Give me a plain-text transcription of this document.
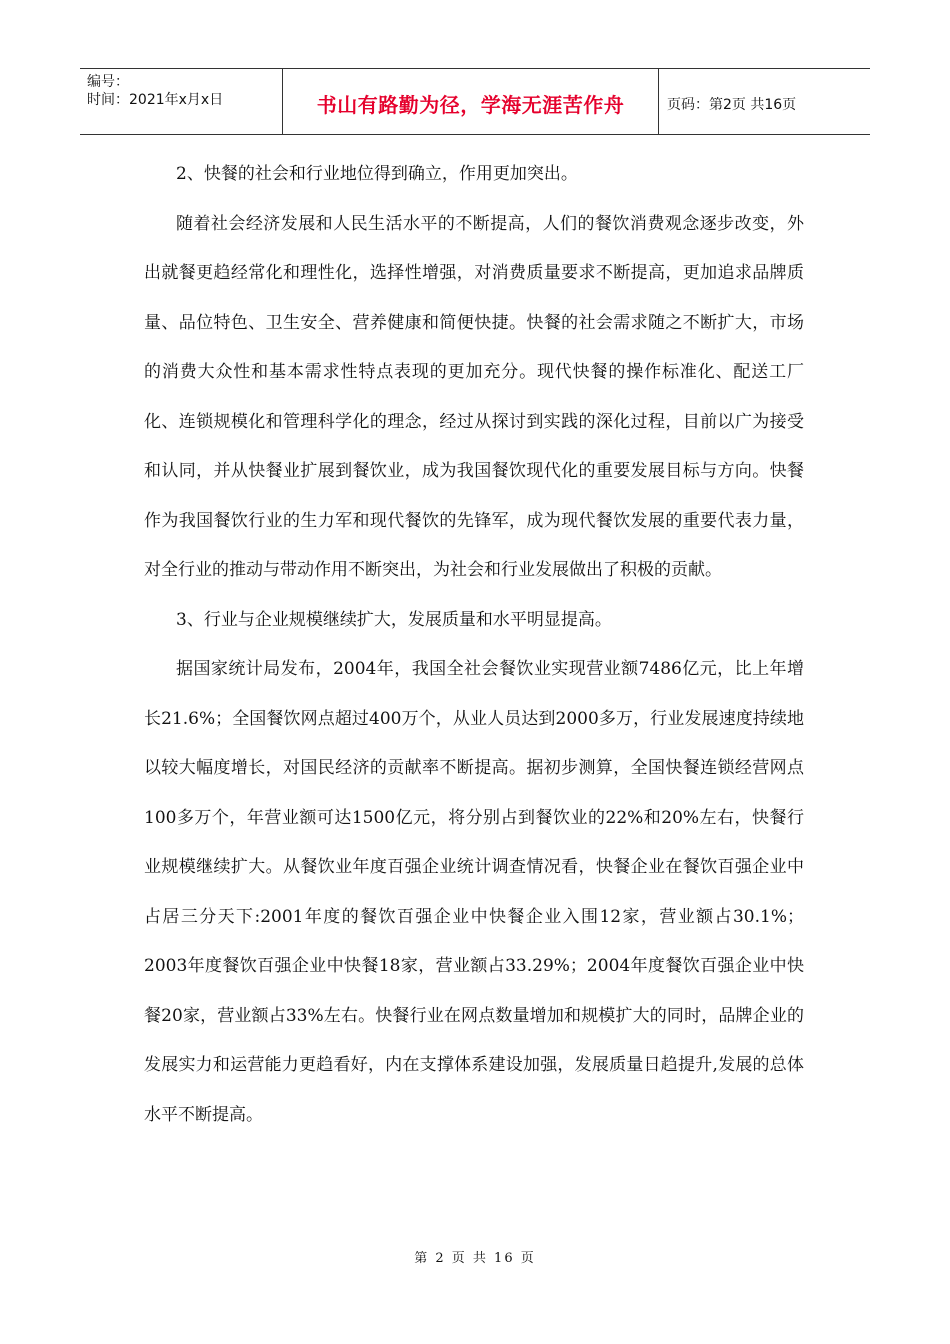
编号：
时间：2021年x月x日	书山有路勤为径，学海无涯苦作舟	页码：第2页 共16页

2、快餐的社会和行业地位得到确立，作用更加突出。

随着社会经济发展和人民生活水平的不断提高，人们的餐饮消费观念逐步改变，外出就餐更趋经常化和理性化，选择性增强，对消费质量要求不断提高，更加追求品牌质量、品位特色、卫生安全、营养健康和简便快捷。快餐的社会需求随之不断扩大，市场的消费大众性和基本需求性特点表现的更加充分。现代快餐的操作标准化、配送工厂化、连锁规模化和管理科学化的理念，经过从探讨到实践的深化过程，目前以广为接受和认同，并从快餐业扩展到餐饮业，成为我国餐饮现代化的重要发展目标与方向。快餐作为我国餐饮行业的生力军和现代餐饮的先锋军，成为现代餐饮发展的重要代表力量，对全行业的推动与带动作用不断突出，为社会和行业发展做出了积极的贡献。

3、行业与企业规模继续扩大，发展质量和水平明显提高。

据国家统计局发布，2004年，我国全社会餐饮业实现营业额7486亿元，比上年增长21.6%；全国餐饮网点超过400万个，从业人员达到2000多万，行业发展速度持续地以较大幅度增长，对国民经济的贡献率不断提高。据初步测算，全国快餐连锁经营网点100多万个，年营业额可达1500亿元，将分别占到餐饮业的22%和20%左右，快餐行业规模继续扩大。从餐饮业年度百强企业统计调查情况看，快餐企业在餐饮百强企业中占居三分天下:2001年度的餐饮百强企业中快餐企业入围12家，营业额占30.1%；2003年度餐饮百强企业中快餐18家，营业额占33.29%；2004年度餐饮百强企业中快餐20家，营业额占33%左右。快餐行业在网点数量增加和规模扩大的同时，品牌企业的发展实力和运营能力更趋看好，内在支撑体系建设加强，发展质量日趋提升,发展的总体水平不断提高。

第 2 页 共 16 页
